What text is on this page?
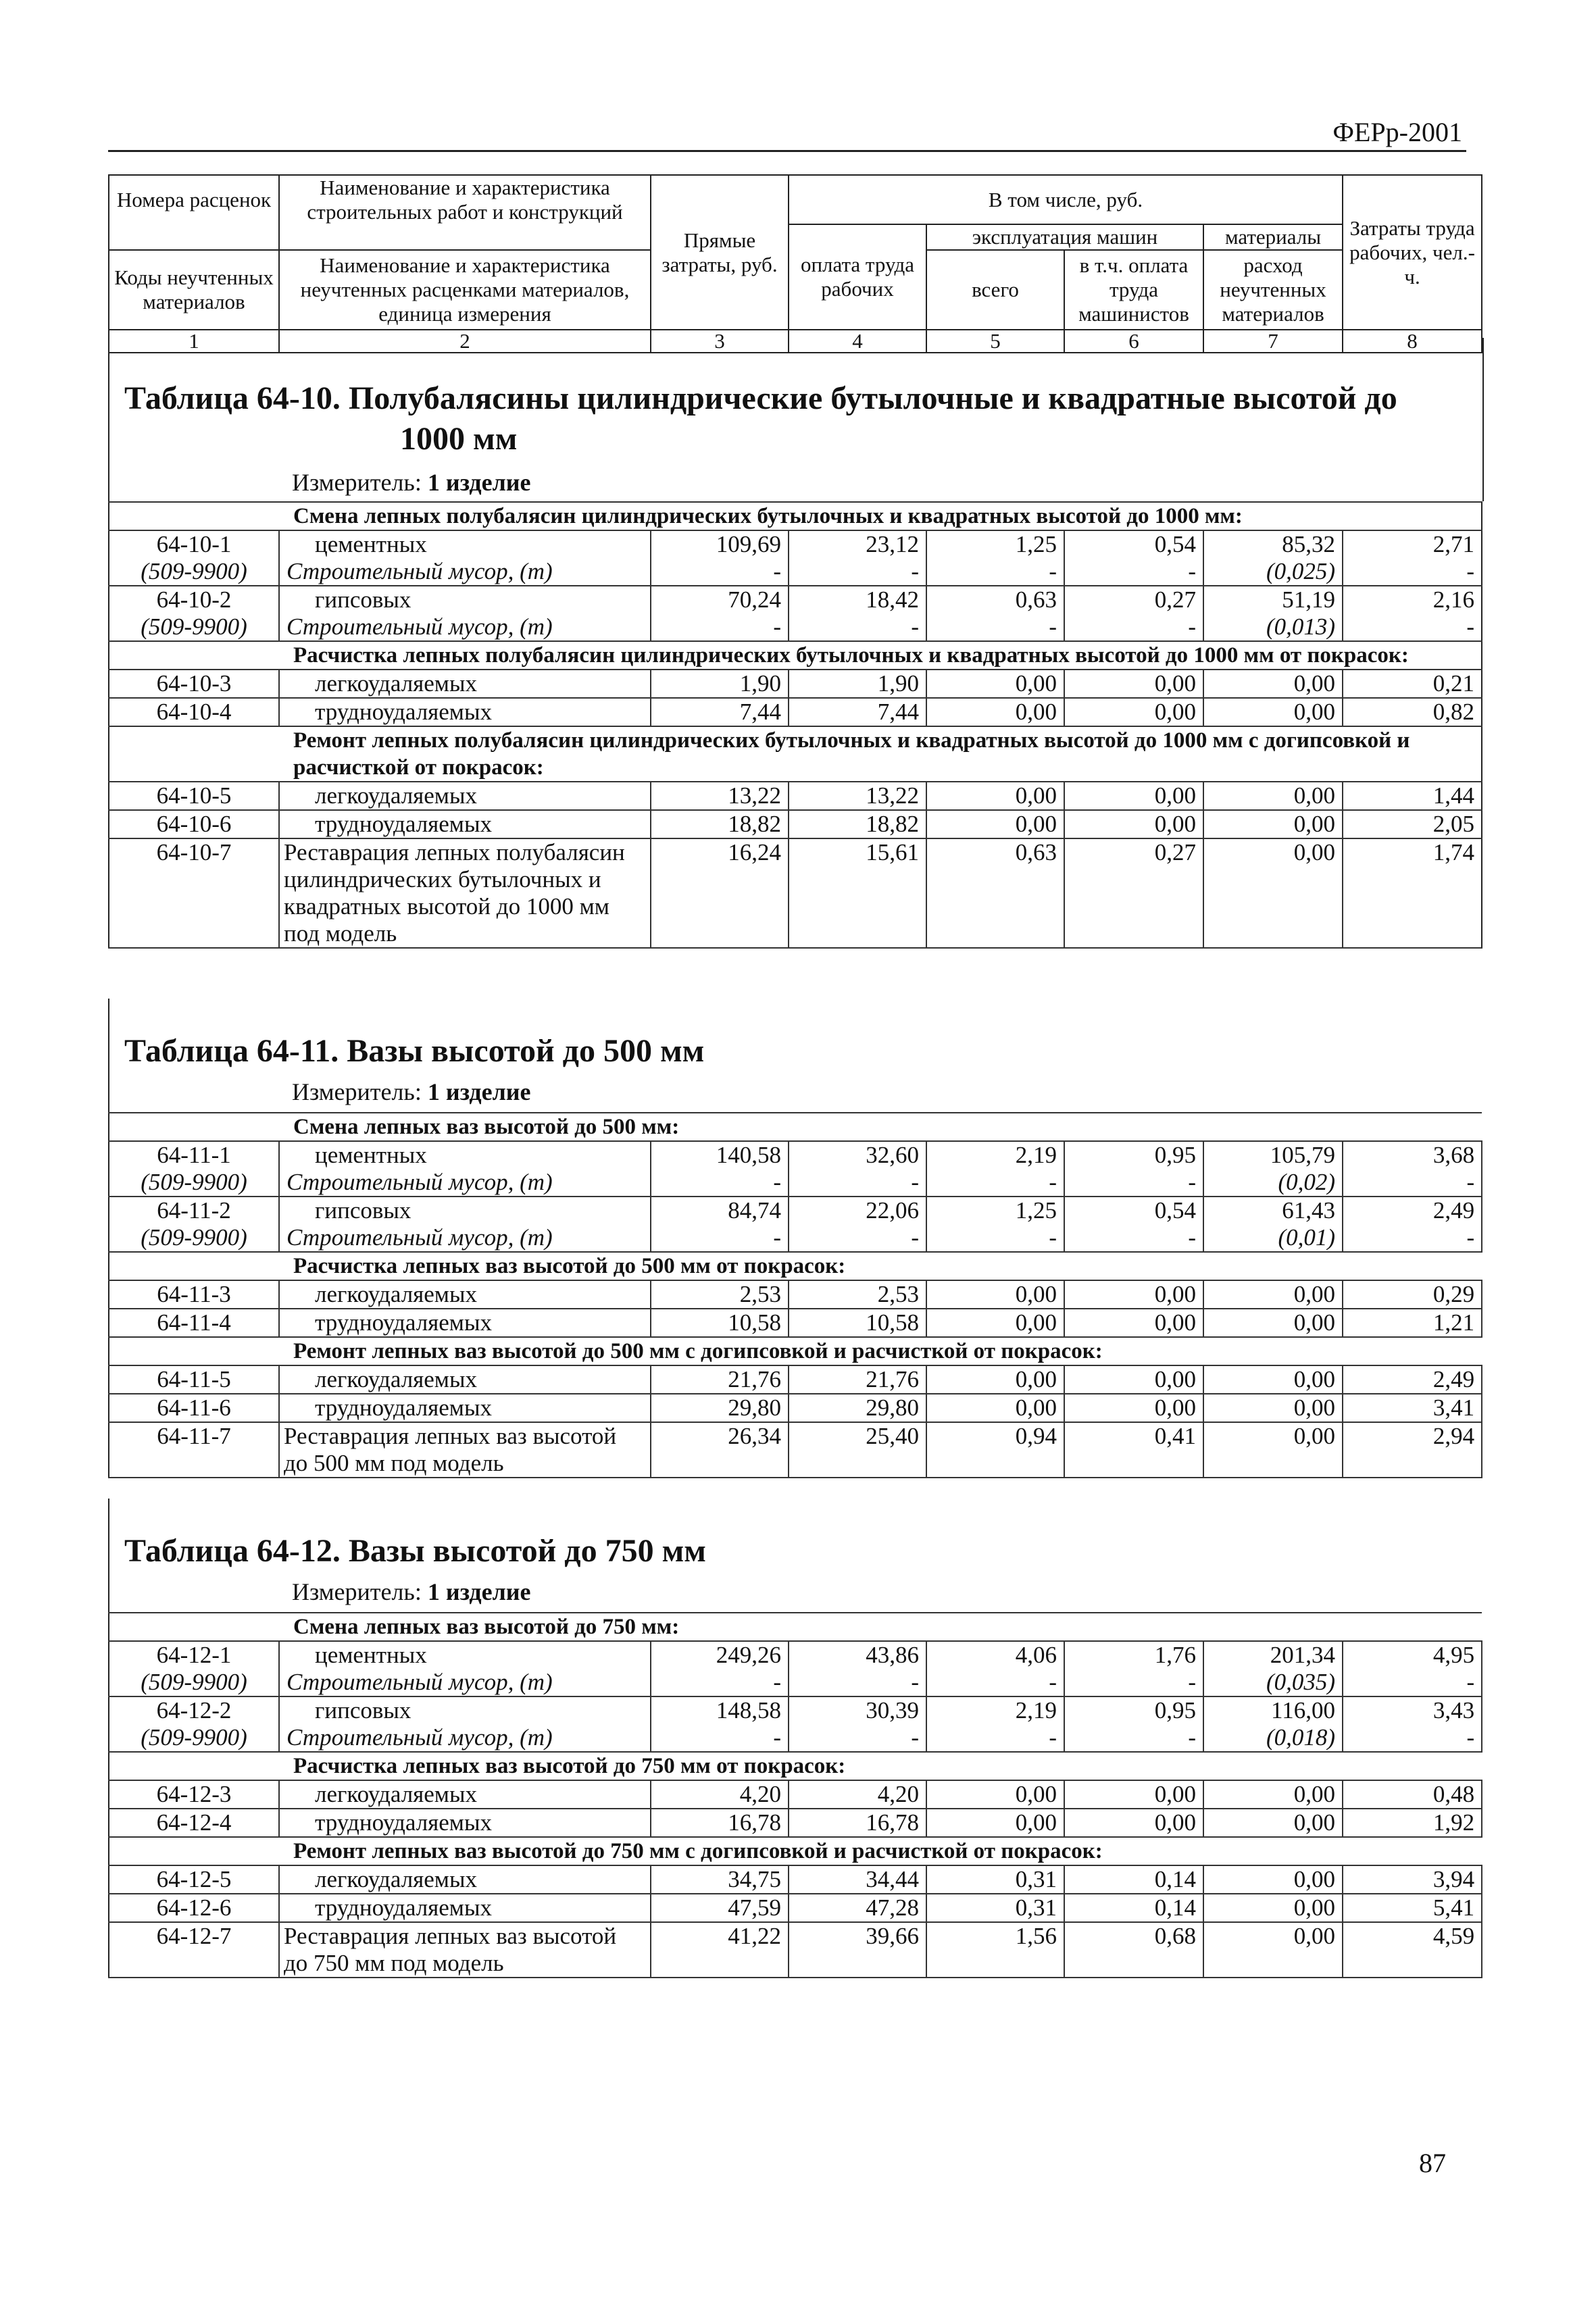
ФЕРр-2001
Номера расценок	Наименование и характеристика строительных работ и конструкций	Прямые затраты, руб.	В том числе, руб.				Затраты труда рабочих, чел.-ч.
			оплата труда рабочих	эксплуатация машин		материалы	
Коды неучтенных материалов	Наименование и характеристика неучтенных расценками материалов, единица измерения			всего	в т.ч. оплата труда машинистов	расход неучтенных материалов	
1	2	3	4	5	6	7	8
Таблица 64-10. Полубалясины цилиндрические бутылочные и квадратные высотой до
1000 мм
Измеритель: 1 изделие
Смена лепных полубалясин цилиндрических бутылочных и квадратных высотой до 1000 мм:							
64-10-1	цементных	109,69	23,12	1,25	0,54	85,32	2,71
(509-9900)	Строительный мусор, (т)	-	-	-	-	(0,025)	-
64-10-2	гипсовых	70,24	18,42	0,63	0,27	51,19	2,16
(509-9900)	Строительный мусор, (т)	-	-	-	-	(0,013)	-
Расчистка лепных полубалясин цилиндрических бутылочных и квадратных высотой до 1000 мм от покрасок:							
64-10-3	легкоудаляемых	1,90	1,90	0,00	0,00	0,00	0,21
64-10-4	трудноудаляемых	7,44	7,44	0,00	0,00	0,00	0,82
Ремонт лепных полубалясин цилиндрических бутылочных и квадратных высотой до 1000 мм с догипсовкой и расчисткой от покрасок:							
64-10-5	легкоудаляемых	13,22	13,22	0,00	0,00	0,00	1,44
64-10-6	трудноудаляемых	18,82	18,82	0,00	0,00	0,00	2,05
64-10-7	Реставрация лепных полубалясин цилиндрических бутылочных и квадратных высотой до 1000 мм под модель	16,24	15,61	0,63	0,27	0,00	1,74
Таблица 64-11. Вазы высотой до 500 мм
Измеритель: 1 изделие
Смена лепных ваз высотой до 500 мм:							
64-11-1	цементных	140,58	32,60	2,19	0,95	105,79	3,68
(509-9900)	Строительный мусор, (т)	-	-	-	-	(0,02)	-
64-11-2	гипсовых	84,74	22,06	1,25	0,54	61,43	2,49
(509-9900)	Строительный мусор, (т)	-	-	-	-	(0,01)	-
Расчистка лепных ваз высотой до 500 мм от покрасок:							
64-11-3	легкоудаляемых	2,53	2,53	0,00	0,00	0,00	0,29
64-11-4	трудноудаляемых	10,58	10,58	0,00	0,00	0,00	1,21
Ремонт лепных ваз высотой до 500 мм с догипсовкой и расчисткой от покрасок:							
64-11-5	легкоудаляемых	21,76	21,76	0,00	0,00	0,00	2,49
64-11-6	трудноудаляемых	29,80	29,80	0,00	0,00	0,00	3,41
64-11-7	Реставрация лепных ваз высотой до 500 мм под модель	26,34	25,40	0,94	0,41	0,00	2,94
Таблица 64-12. Вазы высотой до 750 мм
Измеритель: 1 изделие
Смена лепных ваз высотой до 750 мм:							
64-12-1	цементных	249,26	43,86	4,06	1,76	201,34	4,95
(509-9900)	Строительный мусор, (т)	-	-	-	-	(0,035)	-
64-12-2	гипсовых	148,58	30,39	2,19	0,95	116,00	3,43
(509-9900)	Строительный мусор, (т)	-	-	-	-	(0,018)	-
Расчистка лепных ваз высотой до 750 мм от покрасок:							
64-12-3	легкоудаляемых	4,20	4,20	0,00	0,00	0,00	0,48
64-12-4	трудноудаляемых	16,78	16,78	0,00	0,00	0,00	1,92
Ремонт лепных ваз высотой до 750 мм с догипсовкой и расчисткой от покрасок:							
64-12-5	легкоудаляемых	34,75	34,44	0,31	0,14	0,00	3,94
64-12-6	трудноудаляемых	47,59	47,28	0,31	0,14	0,00	5,41
64-12-7	Реставрация лепных ваз высотой до 750 мм под модель	41,22	39,66	1,56	0,68	0,00	4,59
87
